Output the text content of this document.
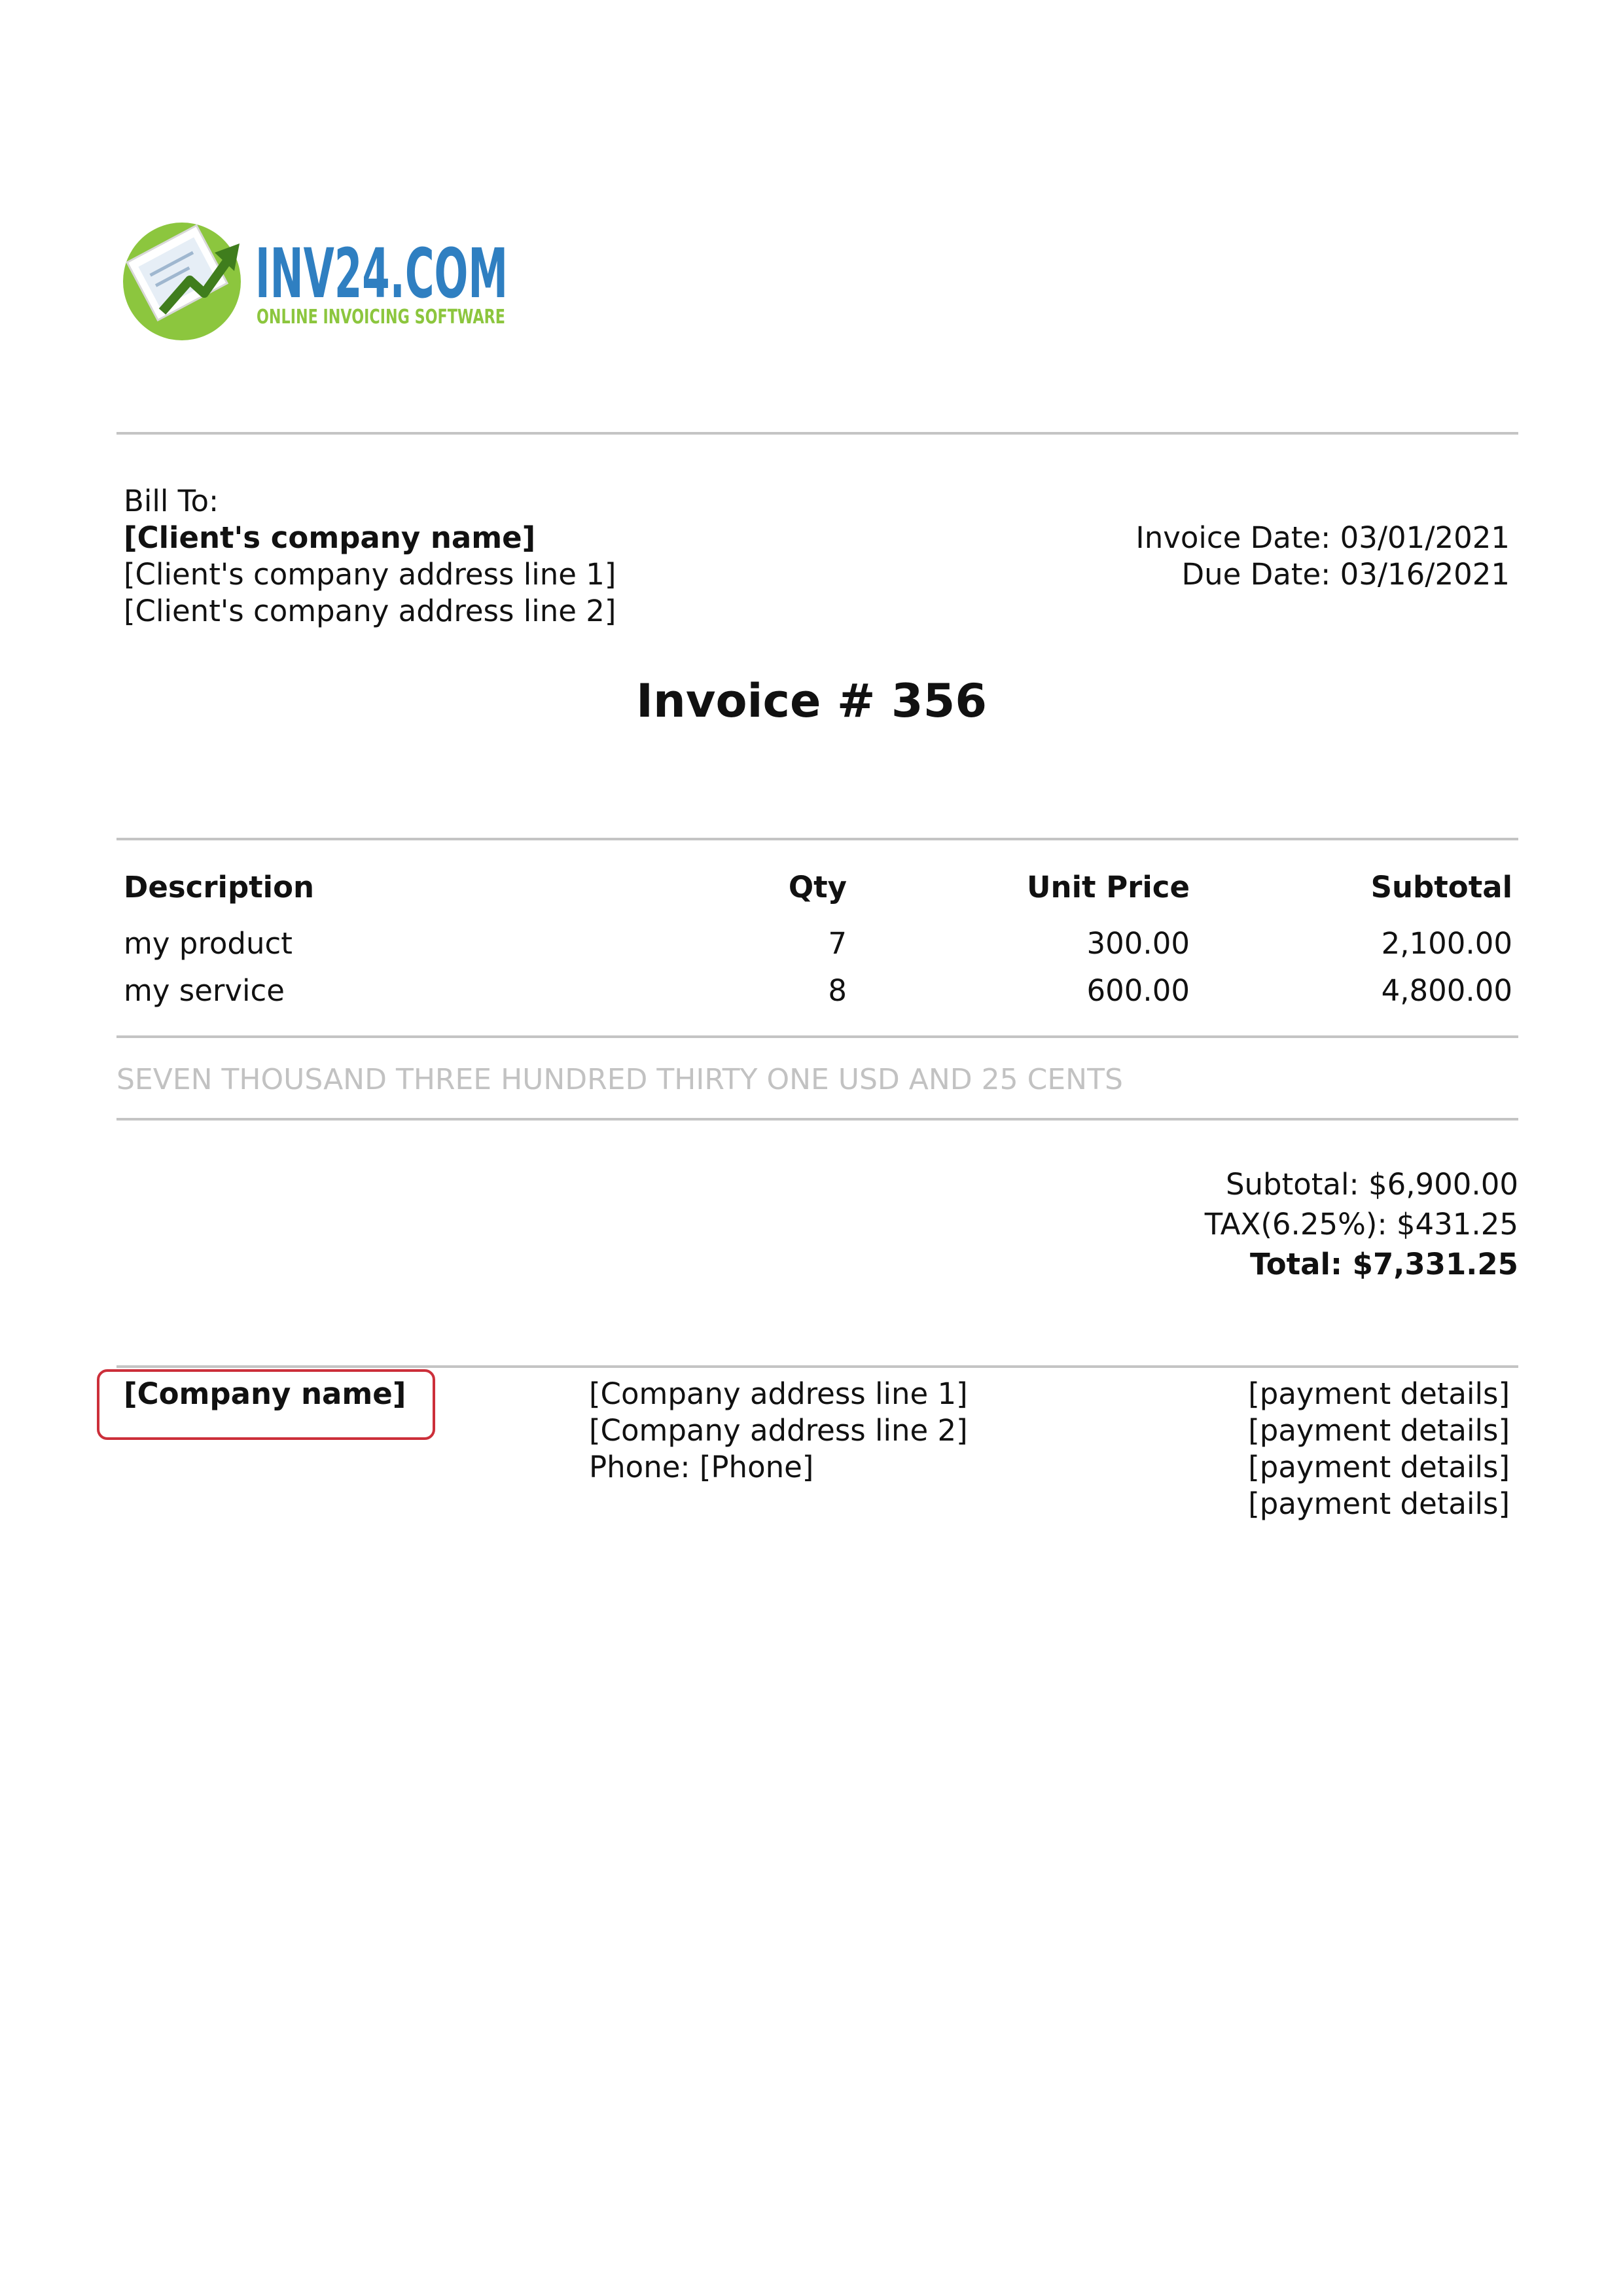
INV24.COM
ONLINE INVOICING SOFTWARE
Bill To:
[Client's company name]
[Client's company address line 1]
[Client's company address line 2]
Invoice Date: 03/01/2021
Due Date: 03/16/2021
Invoice # 356
Description	Qty	Unit Price	Subtotal
my product	7	300.00	2,100.00
my service	8	600.00	4,800.00
SEVEN THOUSAND THREE HUNDRED THIRTY ONE USD AND 25 CENTS
Subtotal: $6,900.00
TAX(6.25%): $431.25
Total: $7,331.25
[Company name]	[Company address line 1]
[Company address line 2]
Phone: [Phone]
[payment details]
[payment details]
[payment details]
[payment details]
